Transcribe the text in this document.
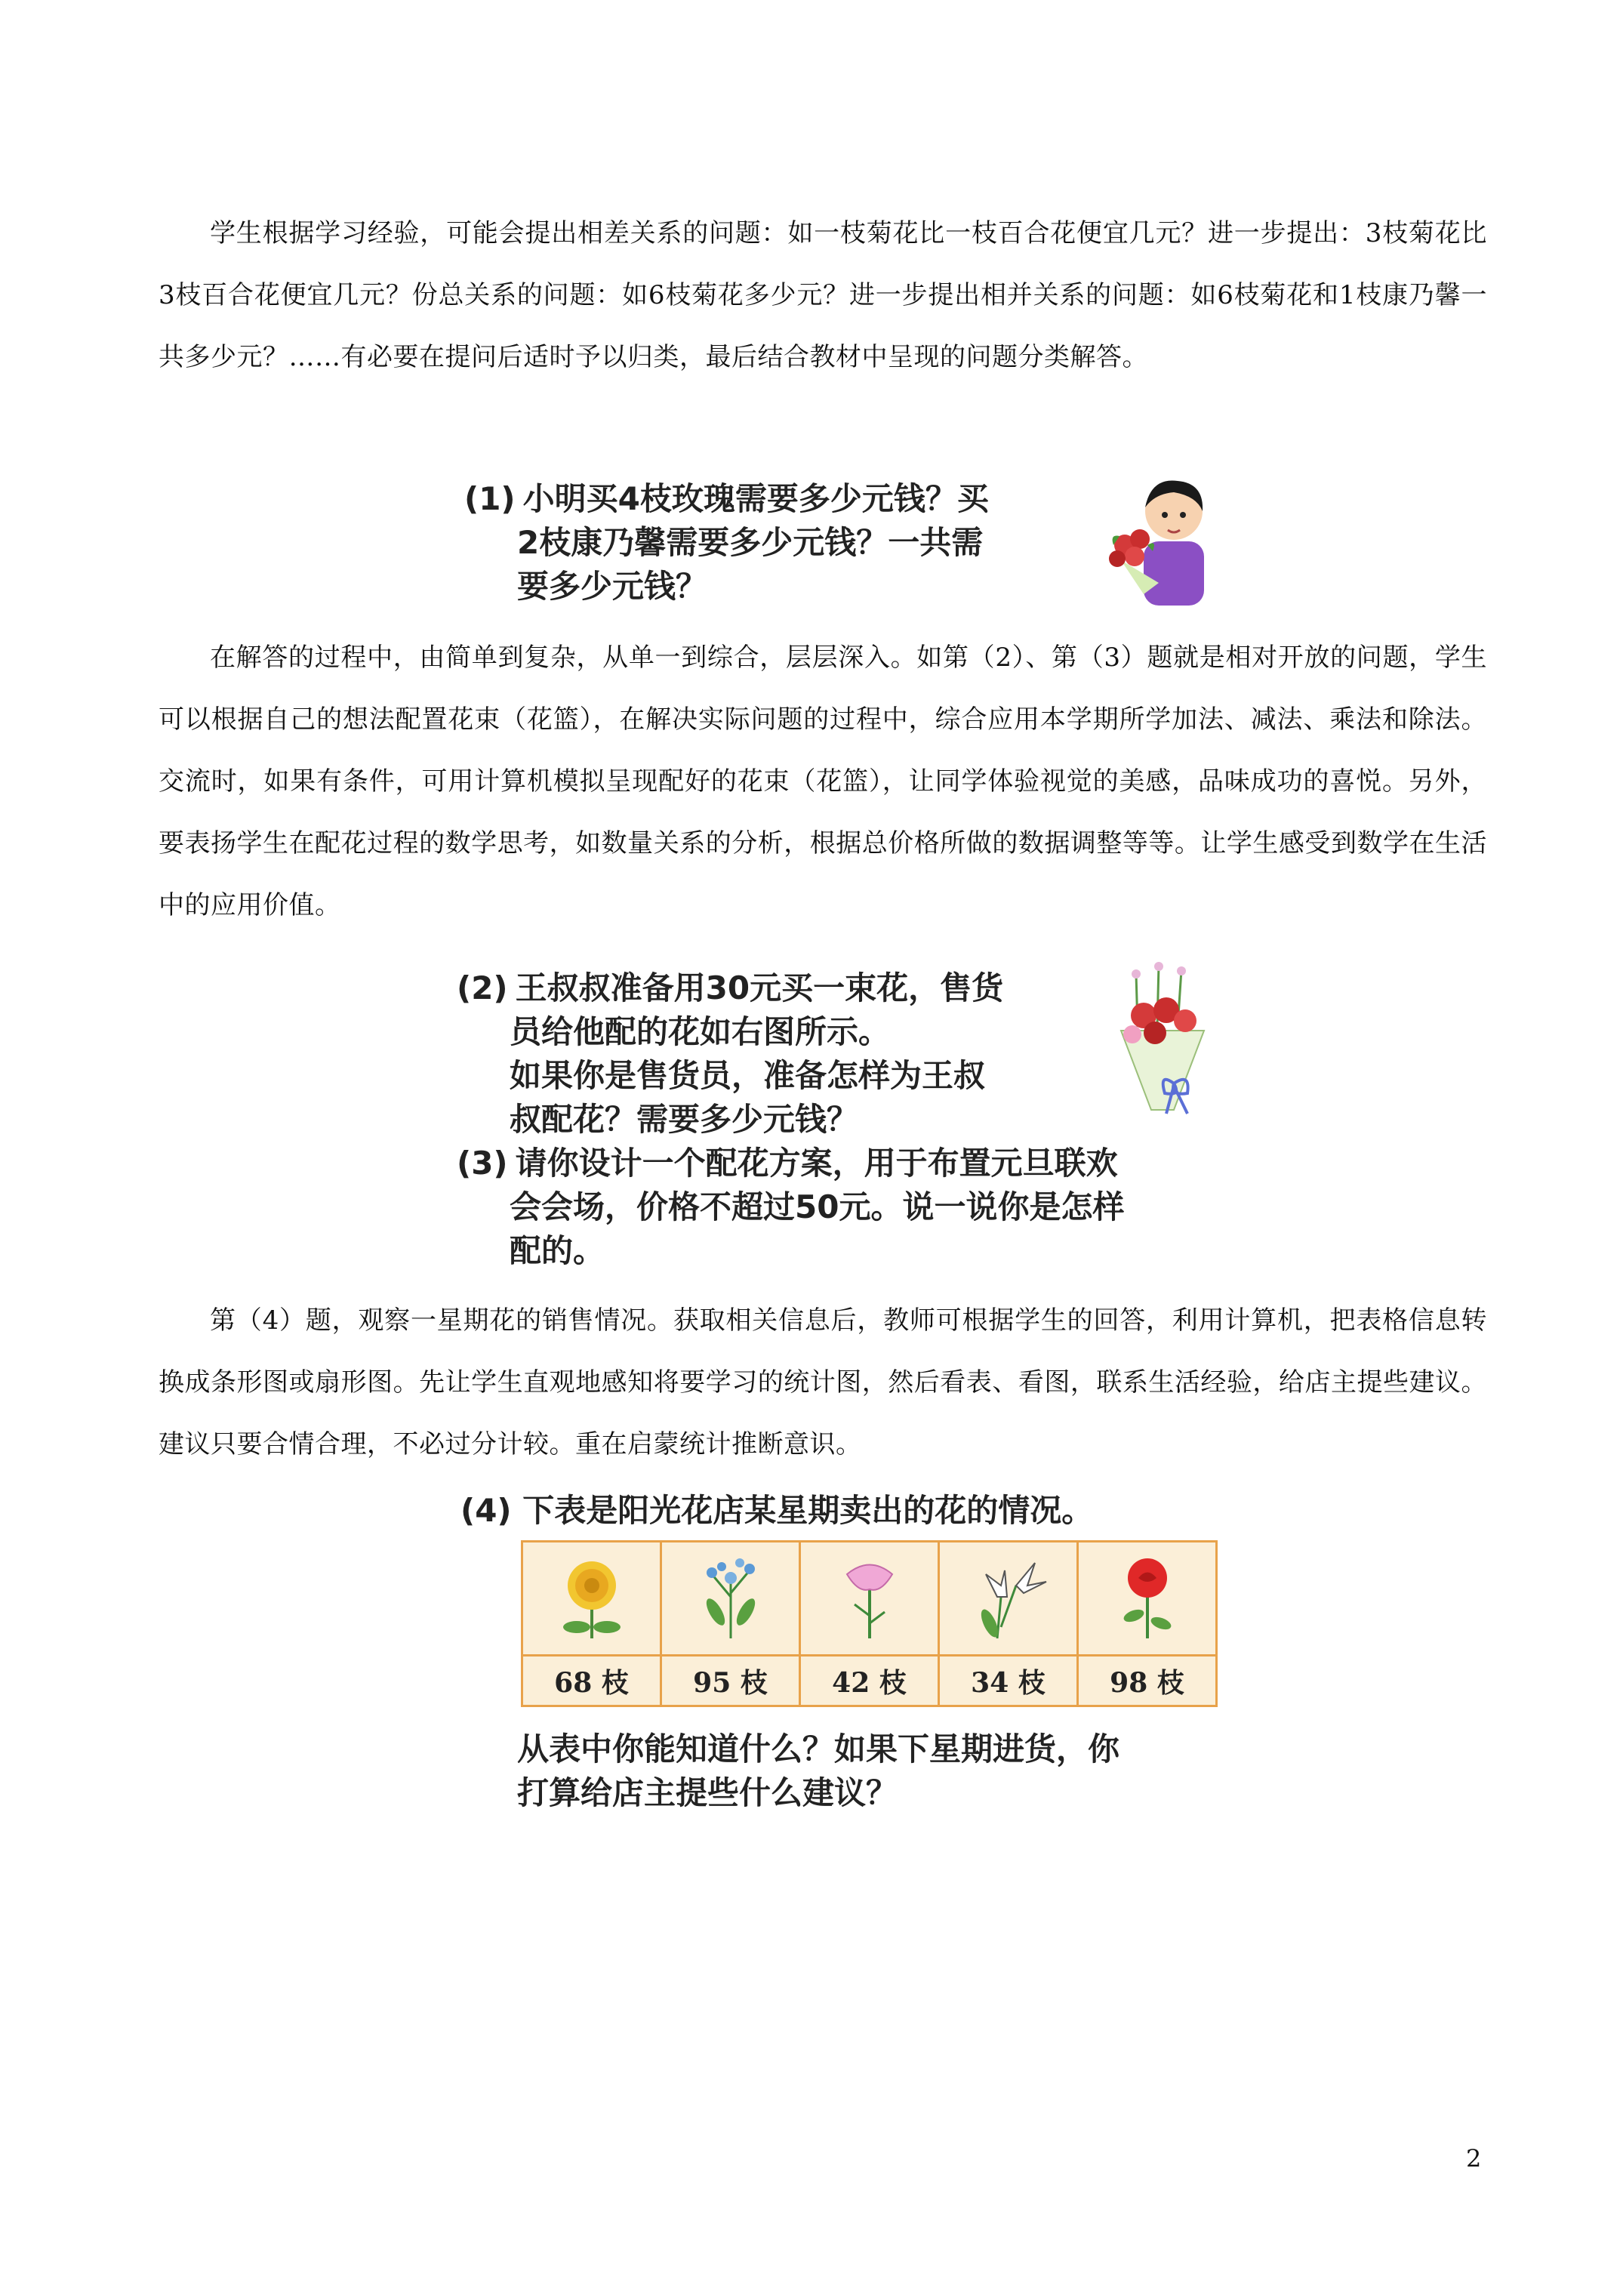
学生根据学习经验，可能会提出相差关系的问题：如一枝菊花比一枝百合花便宜几元？进一步提出：3枝菊花比3枝百合花便宜几元？份总关系的问题：如6枝菊花多少元？进一步提出相并关系的问题：如6枝菊花和1枝康乃馨一共多少元？……有必要在提问后适时予以归类，最后结合教材中呈现的问题分类解答。

(1) 小明买4枝玫瑰需要多少元钱？买

2枝康乃馨需要多少元钱？一共需

要多少元钱？

在解答的过程中，由简单到复杂，从单一到综合，层层深入。如第（2）、第（3）题就是相对开放的问题，学生可以根据自己的想法配置花束（花篮），在解决实际问题的过程中，综合应用本学期所学加法、减法、乘法和除法。交流时，如果有条件，可用计算机模拟呈现配好的花束（花篮），让同学体验视觉的美感，品味成功的喜悦。另外，要表扬学生在配花过程的数学思考，如数量关系的分析，根据总价格所做的数据调整等等。让学生感受到数学在生活中的应用价值。

(2) 王叔叔准备用30元买一束花，售货

员给他配的花如右图所示。

如果你是售货员，准备怎样为王叔

叔配花？需要多少元钱？

(3) 请你设计一个配花方案，用于布置元旦联欢

会会场，价格不超过50元。说一说你是怎样

配的。

第（4）题，观察一星期花的销售情况。获取相关信息后，教师可根据学生的回答，利用计算机，把表格信息转换成条形图或扇形图。先让学生直观地感知将要学习的统计图，然后看表、看图，联系生活经验，给店主提些建议。建议只要合情合理，不必过分计较。重在启蒙统计推断意识。

(4) 下表是阳光花店某星期卖出的花的情况。

68 枝	95 枝	42 枝	34 枝	98 枝

从表中你能知道什么？如果下星期进货，你

打算给店主提些什么建议？

2
